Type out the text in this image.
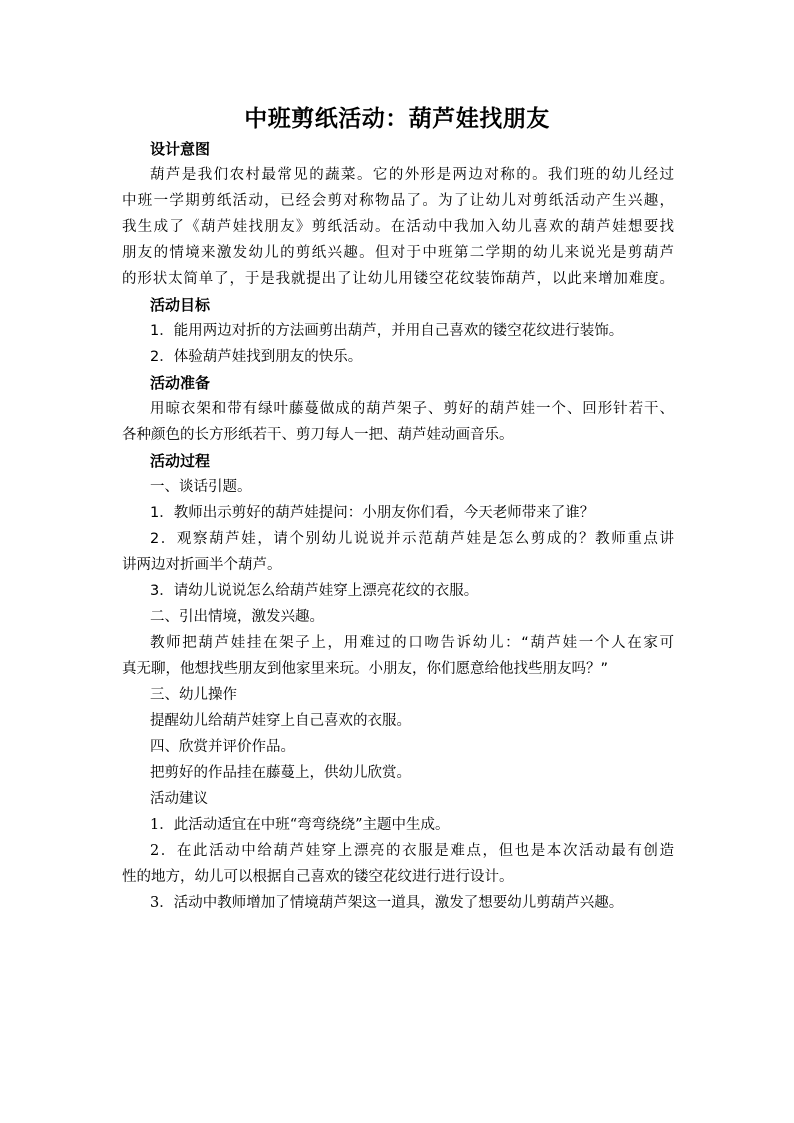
中班剪纸活动：葫芦娃找朋友
设计意图
葫芦是我们农村最常见的蔬菜。它的外形是两边对称的。我们班的幼儿经过
中班一学期剪纸活动，已经会剪对称物品了。为了让幼儿对剪纸活动产生兴趣，
我生成了《葫芦娃找朋友》剪纸活动。在活动中我加入幼儿喜欢的葫芦娃想要找
朋友的情境来激发幼儿的剪纸兴趣。但对于中班第二学期的幼儿来说光是剪葫芦
的形状太简单了，于是我就提出了让幼儿用镂空花纹装饰葫芦，以此来增加难度。
活动目标
1．能用两边对折的方法画剪出葫芦，并用自己喜欢的镂空花纹进行装饰。
2．体验葫芦娃找到朋友的快乐。
活动准备
用晾衣架和带有绿叶藤蔓做成的葫芦架子、剪好的葫芦娃一个、回形针若干、
各种颜色的长方形纸若干、剪刀每人一把、葫芦娃动画音乐。
活动过程
一、谈话引题。
1．教师出示剪好的葫芦娃提问：小朋友你们看，今天老师带来了谁？
2．观察葫芦娃，请个别幼儿说说并示范葫芦娃是怎么剪成的？教师重点讲
讲两边对折画半个葫芦。
3．请幼儿说说怎么给葫芦娃穿上漂亮花纹的衣服。
二、引出情境，激发兴趣。
教师把葫芦娃挂在架子上，用难过的口吻告诉幼儿：“葫芦娃一个人在家可
真无聊，他想找些朋友到他家里来玩。小朋友，你们愿意给他找些朋友吗？”
三、幼儿操作
提醒幼儿给葫芦娃穿上自己喜欢的衣服。
四、欣赏并评价作品。
把剪好的作品挂在藤蔓上，供幼儿欣赏。
活动建议
1．此活动适宜在中班“弯弯绕绕”主题中生成。
2．在此活动中给葫芦娃穿上漂亮的衣服是难点，但也是本次活动最有创造
性的地方，幼儿可以根据自己喜欢的镂空花纹进行进行设计。
3．活动中教师增加了情境葫芦架这一道具，激发了想要幼儿剪葫芦兴趣。
